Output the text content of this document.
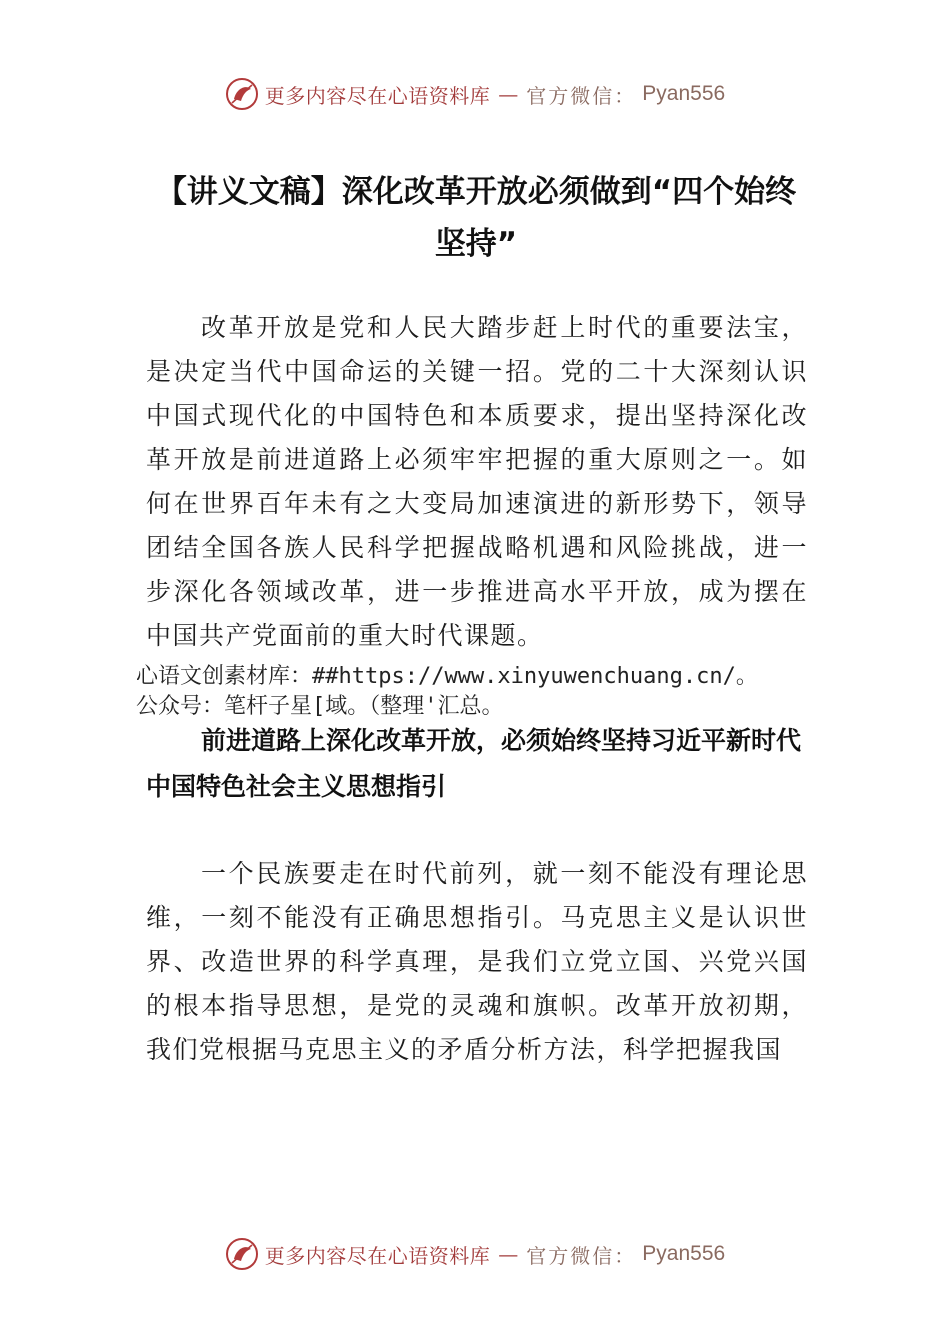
更多内容尽在心语资料库 — 官方微信： Pyan556
【讲义文稿】深化改革开放必须做到“四个始终坚持”

改革开放是党和人民大踏步赶上时代的重要法宝，是决定当代中国命运的关键一招。党的二十大深刻认识中国式现代化的中国特色和本质要求，提出坚持深化改革开放是前进道路上必须牢牢把握的重大原则之一。如何在世界百年未有之大变局加速演进的新形势下，领导团结全国各族人民科学把握战略机遇和风险挑战，进一步深化各领域改革，进一步推进高水平开放，成为摆在中国共产党面前的重大时代课题。

心语文创素材库：##https://www.xinyuwenchuang.cn/。
公众号：笔杆子星[域。（整理'汇总。
前进道路上深化改革开放，必须始终坚持习近平新时代中国特色社会主义思想指引

一个民族要走在时代前列，就一刻不能没有理论思维，一刻不能没有正确思想指引。马克思主义是认识世界、改造世界的科学真理，是我们立党立国、兴党兴国的根本指导思想，是党的灵魂和旗帜。改革开放初期，我们党根据马克思主义的矛盾分析方法，科学把握我国

更多内容尽在心语资料库 — 官方微信： Pyan556
